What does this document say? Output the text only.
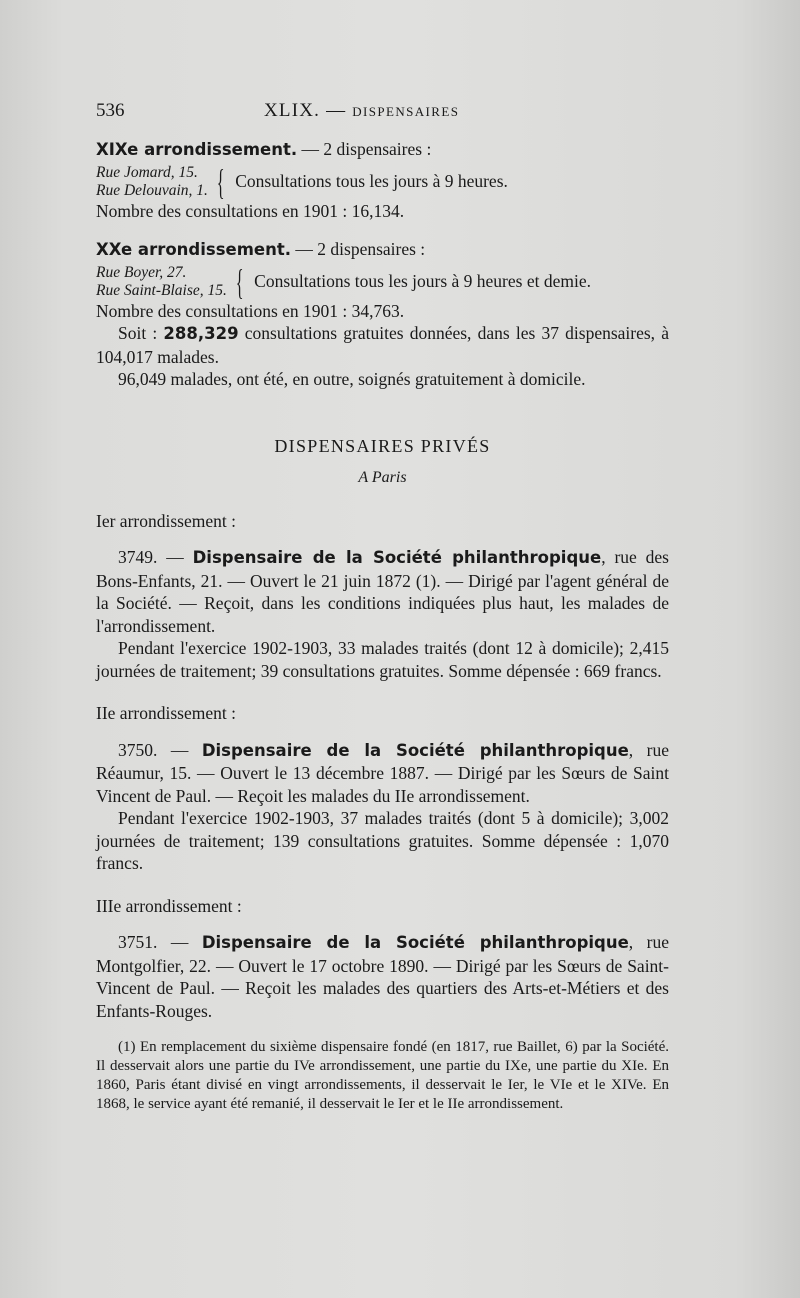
536	XLIX. — DISPENSAIRES
XIXe arrondissement. — 2 dispensaires :
Rue Jomard, 15.
Rue Delouvain, 1. { Consultations tous les jours à 9 heures.

Nombre des consultations en 1901 : 16,134.

XXe arrondissement. — 2 dispensaires :
Rue Boyer, 27.
Rue Saint-Blaise, 15. { Consultations tous les jours à 9 heures et demie.

Nombre des consultations en 1901 : 34,763.

Soit : 288,329 consultations gratuites données, dans les 37 dispensaires, à 104,017 malades.

96,049 malades, ont été, en outre, soignés gratuitement à domicile.

DISPENSAIRES PRIVÉS
A Paris
Ier arrondissement :

3749. — Dispensaire de la Société philanthropique, rue des Bons-Enfants, 21. — Ouvert le 21 juin 1872 (1). — Dirigé par l'agent général de la Société. — Reçoit, dans les conditions indiquées plus haut, les malades de l'arrondissement.

Pendant l'exercice 1902-1903, 33 malades traités (dont 12 à domicile); 2,415 journées de traitement; 39 consultations gratuites. Somme dépensée : 669 francs.

IIe arrondissement :

3750. — Dispensaire de la Société philanthropique, rue Réaumur, 15. — Ouvert le 13 décembre 1887. — Dirigé par les Sœurs de Saint Vincent de Paul. — Reçoit les malades du IIe arrondissement.

Pendant l'exercice 1902-1903, 37 malades traités (dont 5 à domicile); 3,002 journées de traitement; 139 consultations gratuites. Somme dépensée : 1,070 francs.

IIIe arrondissement :

3751. — Dispensaire de la Société philanthropique, rue Montgolfier, 22. — Ouvert le 17 octobre 1890. — Dirigé par les Sœurs de Saint-Vincent de Paul. — Reçoit les malades des quartiers des Arts-et-Métiers et des Enfants-Rouges.

(1) En remplacement du sixième dispensaire fondé (en 1817, rue Baillet, 6) par la Société. Il desservait alors une partie du IVe arrondissement, une partie du IXe, une partie du XIe. En 1860, Paris étant divisé en vingt arrondissements, il desservait le Ier, le VIe et le XIVe. En 1868, le service ayant été remanié, il desservait le Ier et le IIe arrondissement.
